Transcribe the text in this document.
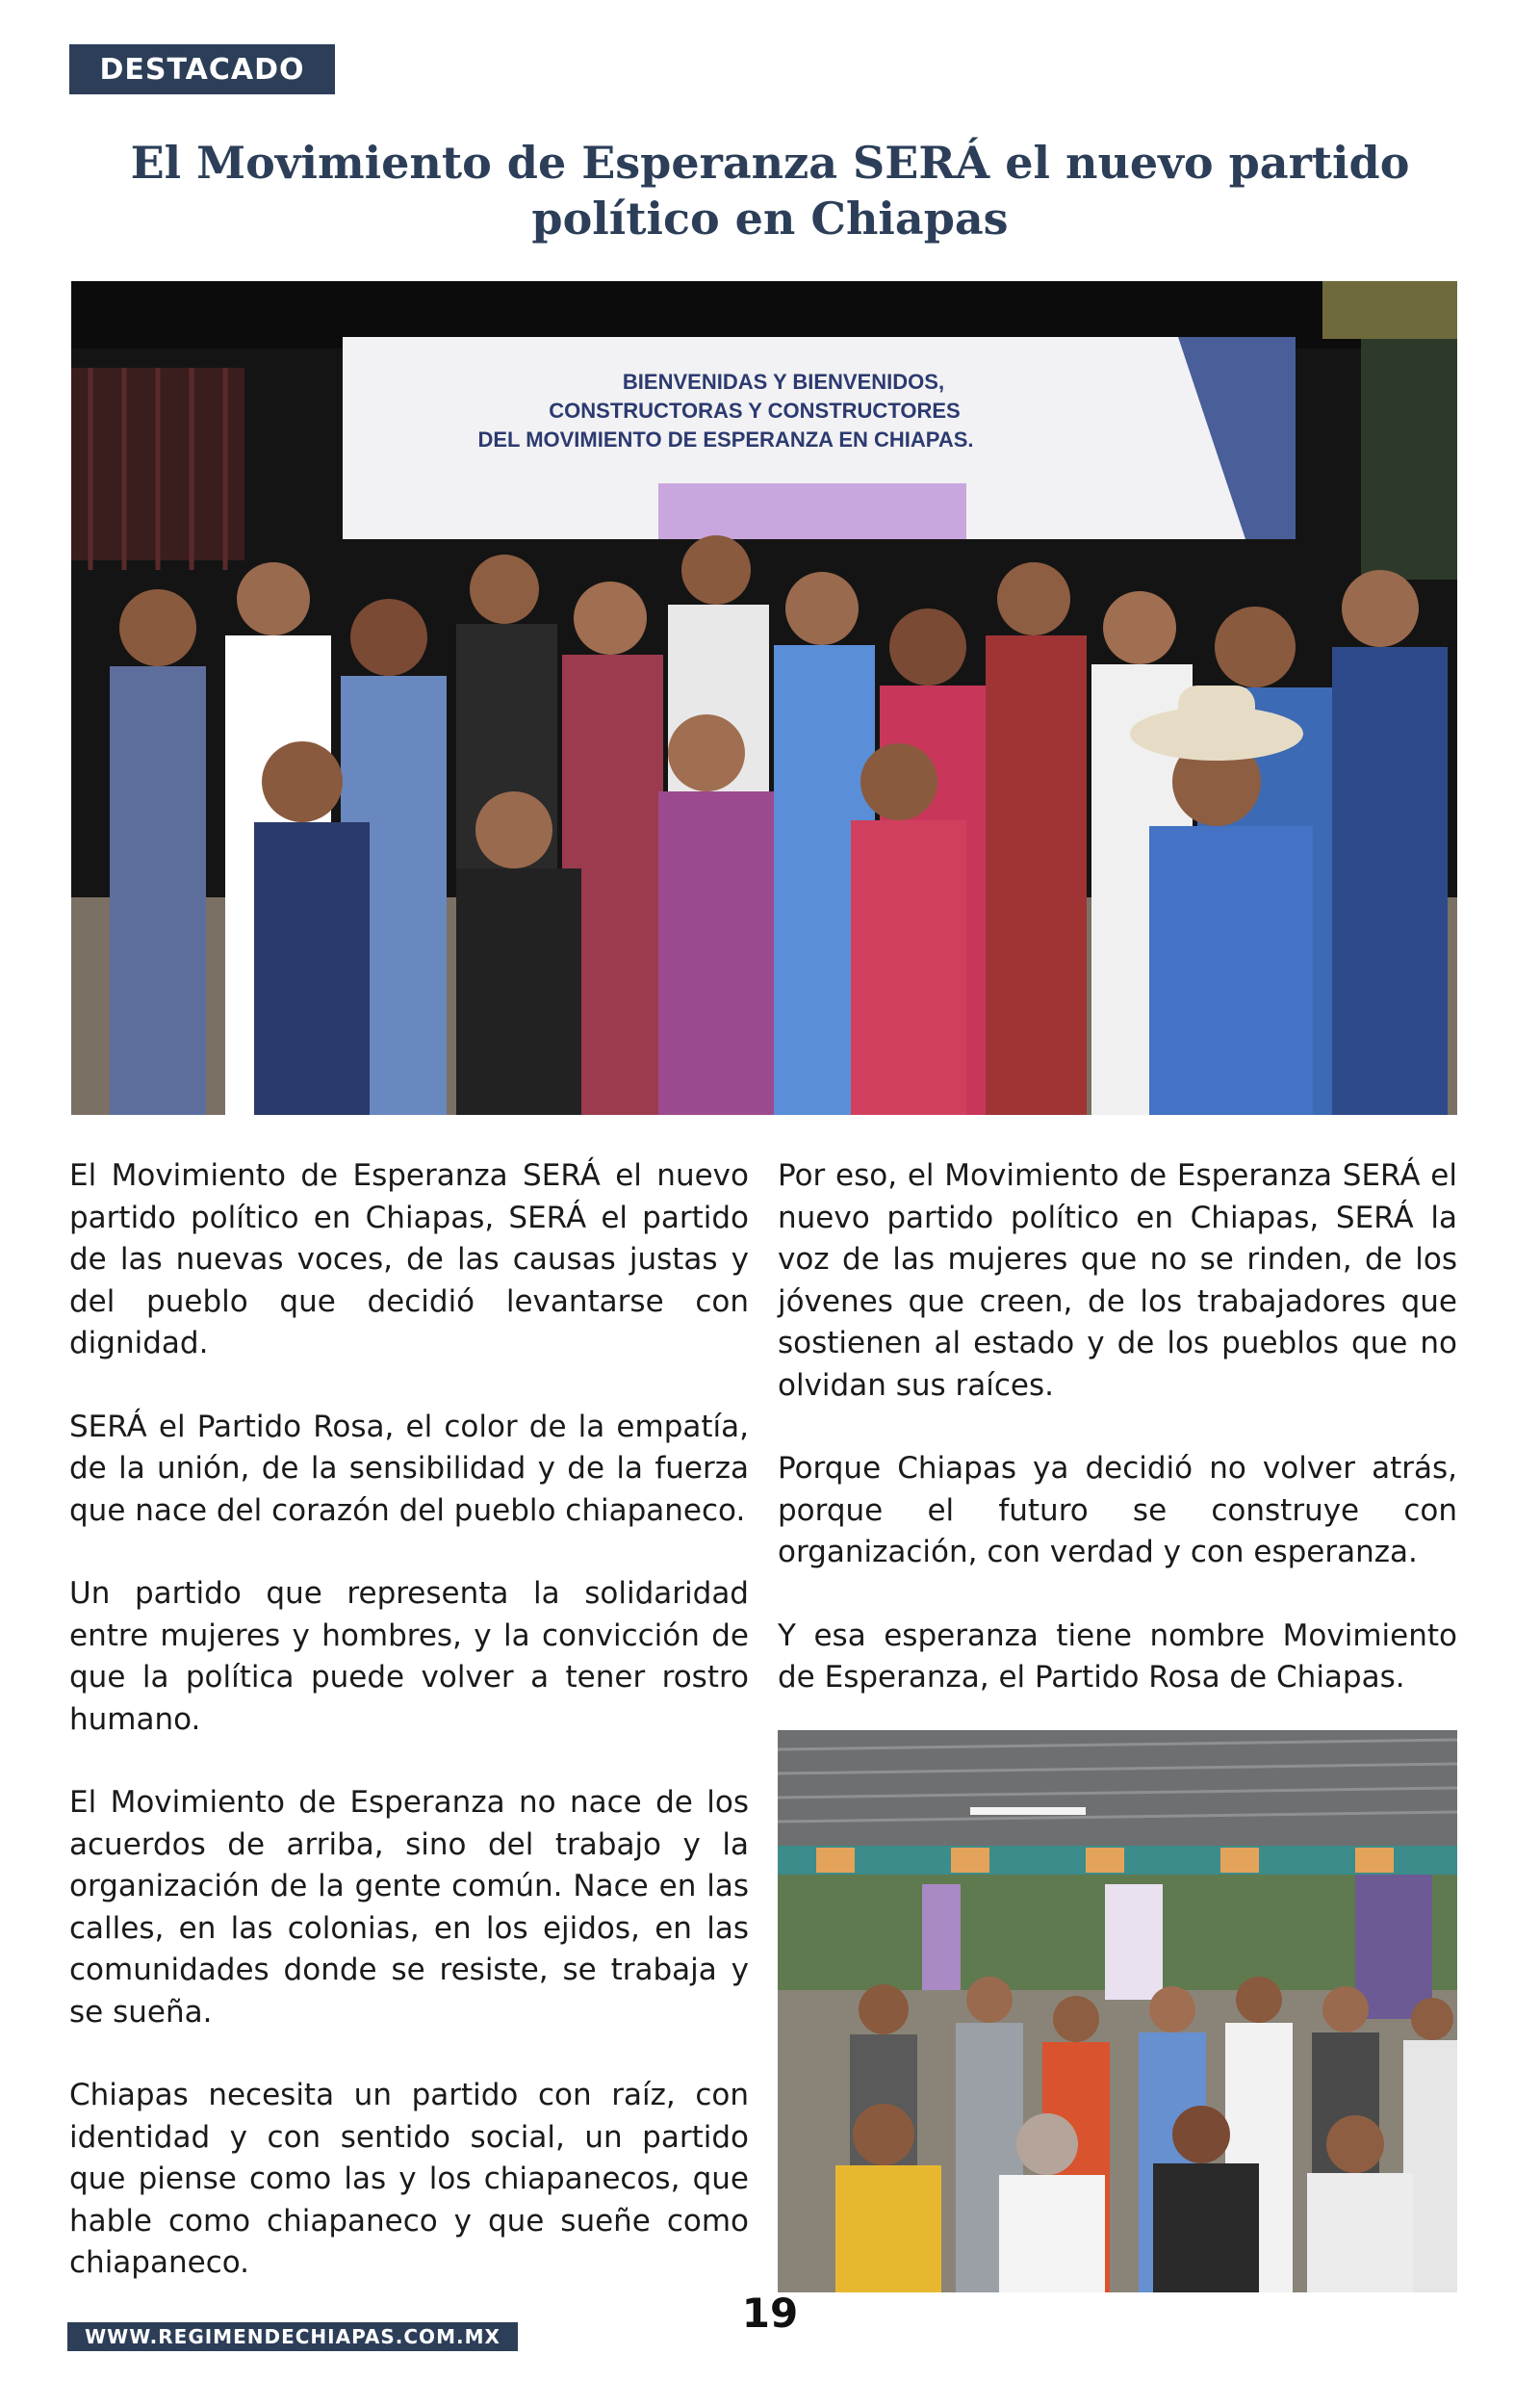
DESTACADO
El Movimiento de Esperanza SERÁ el nuevo partido político en Chiapas
BIENVENIDAS Y BIENVENIDOS,
CONSTRUCTORAS Y CONSTRUCTORES
DEL MOVIMIENTO DE ESPERANZA EN CHIAPAS.

El Movimiento de Esperanza SERÁ el nuevo partido político en Chiapas, SERÁ el partido de las nuevas voces, de las causas justas y del pueblo que decidió levantarse con dignidad.

SERÁ el Partido Rosa, el color de la empatía, de la unión, de la sensibilidad y de la fuerza que nace del corazón del pueblo chiapaneco.

Un partido que representa la solidaridad entre mujeres y hombres, y la convicción de que la política puede volver a tener rostro humano.

El Movimiento de Esperanza no nace de los acuerdos de arriba, sino del trabajo y la organización de la gente común. Nace en las calles, en las colonias, en los ejidos, en las comunidades donde se resiste, se trabaja y se sueña.

Chiapas necesita un partido con raíz, con identidad y con sentido social, un partido que piense como las y los chiapanecos, que hable como chiapaneco y que sueñe como chiapaneco.

Por eso, el Movimiento de Esperanza SERÁ el nuevo partido político en Chiapas, SERÁ la voz de las mujeres que no se rinden, de los jóvenes que creen, de los trabajadores que sostienen al estado y de los pueblos que no olvidan sus raíces.

Porque Chiapas ya decidió no volver atrás, porque el futuro se construye con organización, con verdad y con esperanza.

Y esa esperanza tiene nombre Movimiento de Esperanza, el Partido Rosa de Chiapas.

WWW.REGIMENDECHIAPAS.COM.MX	19
